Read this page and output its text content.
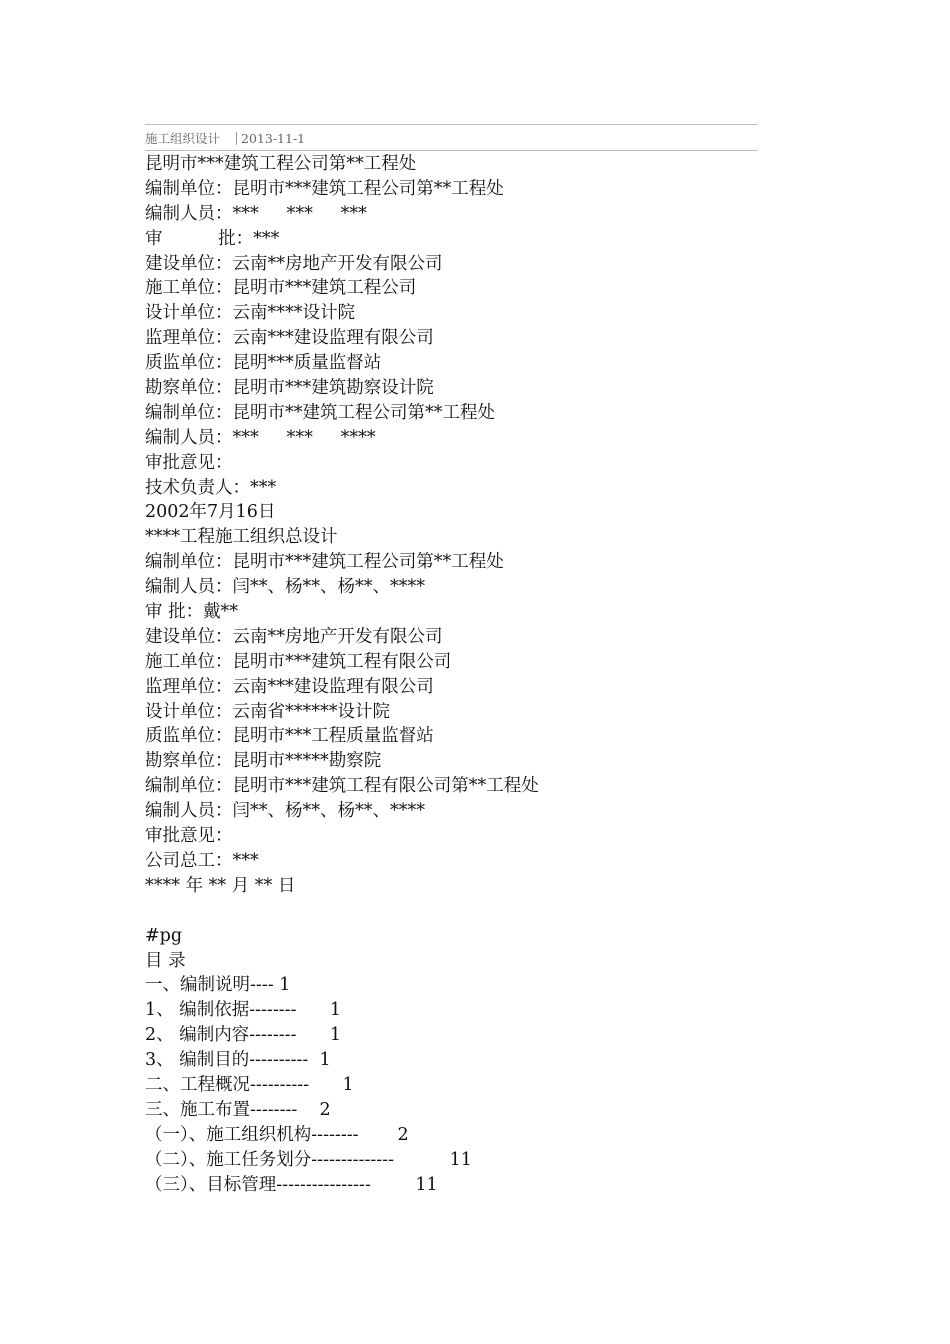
施工组织设计 2013-11-1
昆明市***建筑工程公司第**工程处
编制单位：昆明市***建筑工程公司第**工程处
编制人员：***     ***     ***
审          批：***
建设单位：云南**房地产开发有限公司
施工单位：昆明市***建筑工程公司
设计单位：云南****设计院
监理单位：云南***建设监理有限公司
质监单位：昆明***质量监督站
勘察单位：昆明市***建筑勘察设计院
编制单位：昆明市**建筑工程公司第**工程处
编制人员：***     ***     ****
审批意见：
技术负责人：***
2002年7月16日
****工程施工组织总设计
编制单位：昆明市***建筑工程公司第**工程处
编制人员：闫**、杨**、杨**、****
审 批：戴**
建设单位：云南**房地产开发有限公司
施工单位：昆明市***建筑工程有限公司
监理单位：云南***建设监理有限公司
设计单位：云南省******设计院
质监单位：昆明市***工程质量监督站
勘察单位：昆明市*****勘察院
编制单位：昆明市***建筑工程有限公司第**工程处
编制人员：闫**、杨**、杨**、****
审批意见：
公司总工：***
**** 年 ** 月 ** 日
#pg
目 录
一、编制说明---- 1
1、 编制依据--------      1
2、 编制内容--------      1
3、 编制目的----------  1
二、工程概况----------      1
三、施工布置--------    2
（一）、施工组织机构--------       2
（二）、施工任务划分--------------          11
（三）、目标管理----------------        11
